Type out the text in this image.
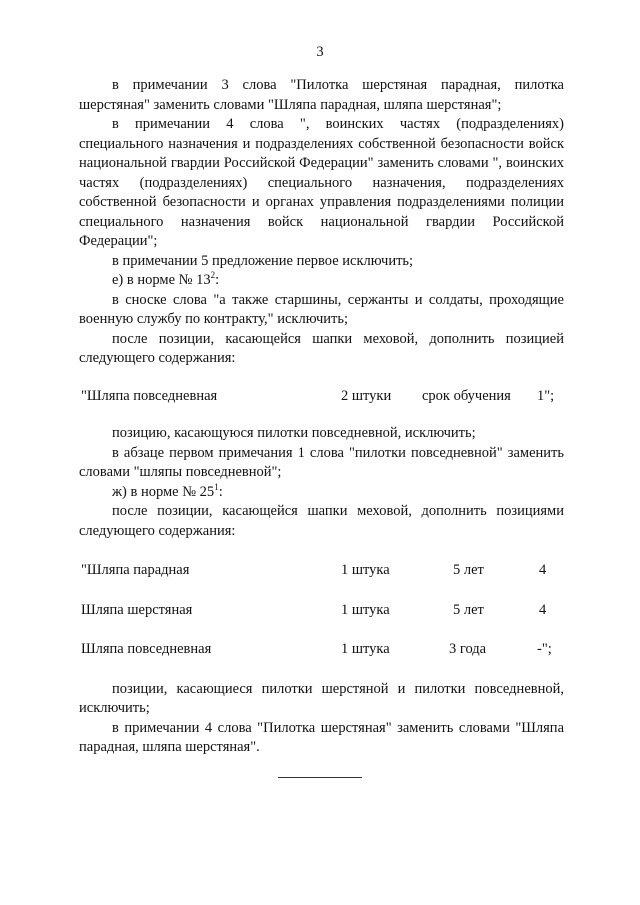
3

в примечании 3 слова "Пилотка шерстяная парадная, пилотка шерстяная" заменить словами "Шляпа парадная, шляпа шерстяная";

в примечании 4 слова ", воинских частях (подразделениях) специального назначения и подразделениях собственной безопасности войск национальной гвардии Российской Федерации" заменить словами ", воинских частях (подразделениях) специального назначения, подразделениях собственной безопасности и органах управления подразделениями полиции специального назначения войск национальной гвардии Российской Федерации";

в примечании 5 предложение первое исключить;

е) в норме № $13^2$:

в сноске слова "а также старшины, сержанты и солдаты, проходящие военную службу по контракту," исключить;

после позиции, касающейся шапки меховой, дополнить позицией следующего содержания:

"Шляпа повседневная	2 штуки срок обучения 1";

позицию, касающуюся пилотки повседневной, исключить;

в абзаце первом примечания 1 слова "пилотки повседневной" заменить словами "шляпы повседневной";

ж) в норме № $25^1$:

после позиции, касающейся шапки меховой, дополнить позициями следующего содержания:

"Шляпа парадная	1 штука	5 лет	4
Шляпа шерстяная	1 штука	5 лет	4
Шляпа повседневная	1 штука	3 года	-";

позиции, касающиеся пилотки шерстяной и пилотки повседневной, исключить;

в примечании 4 слова "Пилотка шерстяная" заменить словами "Шляпа парадная, шляпа шерстяная".
